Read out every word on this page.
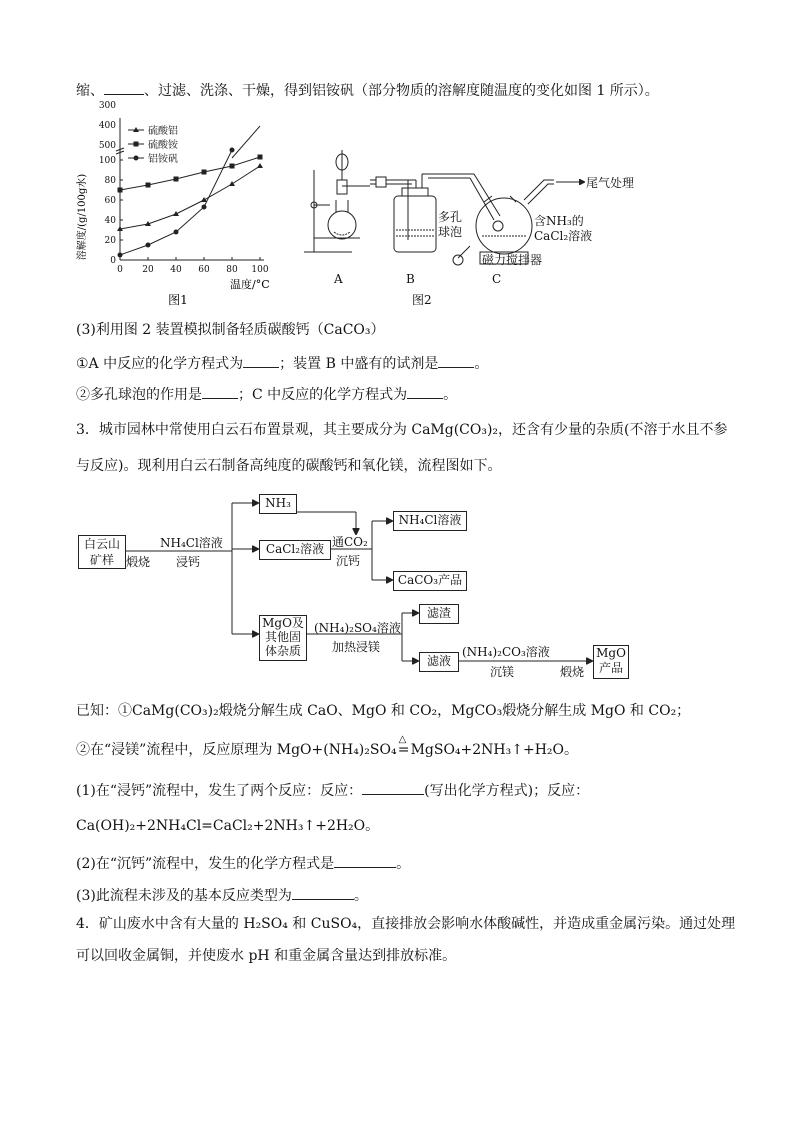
缩、	、过滤、洗涤、干燥，得到铝铵矾（部分物质的溶解度随温度的变化如图 1 所示）。
0 20 40 60 80 100
0
20
40
60
80
100
300
400
500
硫酸铝
硫酸铵
铝铵矾
溶解度/(g/100g水)
温度/°C
图1
尾气处理
多孔
球泡
含NH₃的
CaCl₂溶液
磁力搅拌器
A	B	C
图2
(3)利用图 2 装置模拟制备轻质碳酸钙（CaCO₃）
①A 中反应的化学方程式为	；装置 B 中盛有的试剂是	。
②多孔球泡的作用是	；C 中反应的化学方程式为	。
3．城市园林中常使用白云石布置景观，其主要成分为 CaMg(CO₃)₂，还含有少量的杂质(不溶于水且不参
与反应)。现利用白云石制备高纯度的碳酸钙和氧化镁，流程图如下。
白云山
矿样	煅烧
NH₄Cl溶液
浸钙
NH₃
CaCl₂溶液 通CO₂
沉钙
NH₄Cl溶液
CaCO₃产品
MgO及
其他固
体杂质
(NH₄)₂SO₄溶液
加热浸镁
滤渣
滤液
(NH₄)₂CO₃溶液
沉镁	煅烧
MgO
产品
已知：①CaMg(CO₃)₂煅烧分解生成 CaO、MgO 和 CO₂，MgCO₃煅烧分解生成 MgO 和 CO₂；
②在“浸镁”流程中，反应原理为 MgO+(NH₄)₂SO₄
△
=MgSO₄+2NH₃↑+H₂O。
(1)在“浸钙”流程中，发生了两个反应：反应：	(写出化学方程式)；反应：
Ca(OH)₂+2NH₄Cl=CaCl₂+2NH₃↑+2H₂O。
(2)在“沉钙”流程中，发生的化学方程式是	。
(3)此流程未涉及的基本反应类型为	。
4．矿山废水中含有大量的 H₂SO₄ 和 CuSO₄，直接排放会影响水体酸碱性，并造成重金属污染。通过处理
可以回收金属铜，并使废水 pH 和重金属含量达到排放标准。
